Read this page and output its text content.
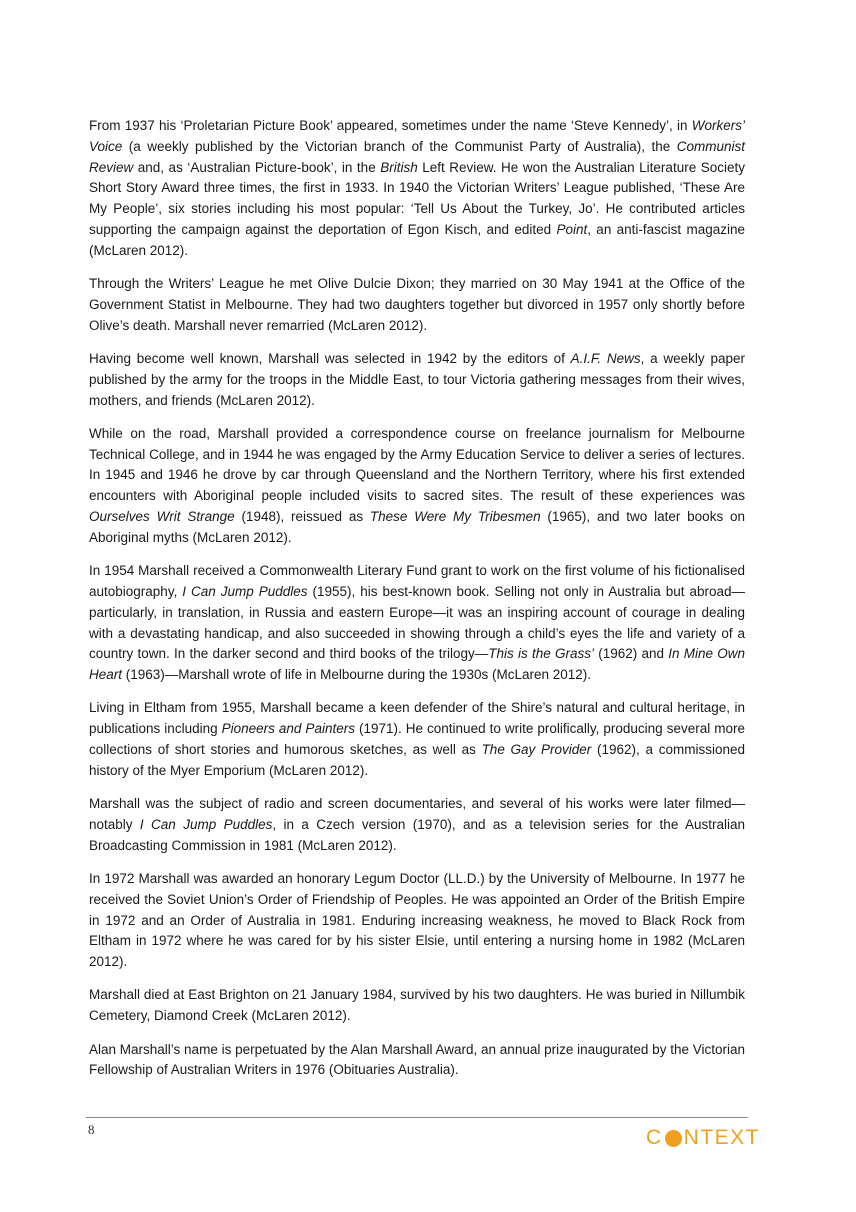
From 1937 his ‘Proletarian Picture Book’ appeared, sometimes under the name ‘Steve Kennedy’, in Workers’ Voice (a weekly published by the Victorian branch of the Communist Party of Australia), the Communist Review and, as ‘Australian Picture-book’, in the British Left Review. He won the Australian Literature Society Short Story Award three times, the first in 1933. In 1940 the Victorian Writers’ League published, ‘These Are My People’, six stories including his most popular: ‘Tell Us About the Turkey, Jo’. He contributed articles supporting the campaign against the deportation of Egon Kisch, and edited Point, an anti-fascist magazine (McLaren 2012).

Through the Writers’ League he met Olive Dulcie Dixon; they married on 30 May 1941 at the Office of the Government Statist in Melbourne. They had two daughters together but divorced in 1957 only shortly before Olive’s death. Marshall never remarried (McLaren 2012).

Having become well known, Marshall was selected in 1942 by the editors of A.I.F. News, a weekly paper published by the army for the troops in the Middle East, to tour Victoria gathering messages from their wives, mothers, and friends (McLaren 2012).

While on the road, Marshall provided a correspondence course on freelance journalism for Melbourne Technical College, and in 1944 he was engaged by the Army Education Service to deliver a series of lectures. In 1945 and 1946 he drove by car through Queensland and the Northern Territory, where his first extended encounters with Aboriginal people included visits to sacred sites. The result of these experiences was Ourselves Writ Strange (1948), reissued as These Were My Tribesmen (1965), and two later books on Aboriginal myths (McLaren 2012).

In 1954 Marshall received a Commonwealth Literary Fund grant to work on the first volume of his fictionalised autobiography, I Can Jump Puddles (1955), his best-known book. Selling not only in Australia but abroad—particularly, in translation, in Russia and eastern Europe—it was an inspiring account of courage in dealing with a devastating handicap, and also succeeded in showing through a child’s eyes the life and variety of a country town. In the darker second and third books of the trilogy—This is the Grass’ (1962) and In Mine Own Heart (1963)—Marshall wrote of life in Melbourne during the 1930s (McLaren 2012).

Living in Eltham from 1955, Marshall became a keen defender of the Shire’s natural and cultural heritage, in publications including Pioneers and Painters (1971). He continued to write prolifically, producing several more collections of short stories and humorous sketches, as well as The Gay Provider (1962), a commissioned history of the Myer Emporium (McLaren 2012).

Marshall was the subject of radio and screen documentaries, and several of his works were later filmed—notably I Can Jump Puddles, in a Czech version (1970), and as a television series for the Australian Broadcasting Commission in 1981 (McLaren 2012).

In 1972 Marshall was awarded an honorary Legum Doctor (LL.D.) by the University of Melbourne. In 1977 he received the Soviet Union’s Order of Friendship of Peoples. He was appointed an Order of the British Empire in 1972 and an Order of Australia in 1981. Enduring increasing weakness, he moved to Black Rock from Eltham in 1972 where he was cared for by his sister Elsie, until entering a nursing home in 1982 (McLaren 2012).

Marshall died at East Brighton on 21 January 1984, survived by his two daughters. He was buried in Nillumbik Cemetery, Diamond Creek (McLaren 2012).

Alan Marshall’s name is perpetuated by the Alan Marshall Award, an annual prize inaugurated by the Victorian Fellowship of Australian Writers in 1976 (Obituaries Australia).

8	C NTEXT
